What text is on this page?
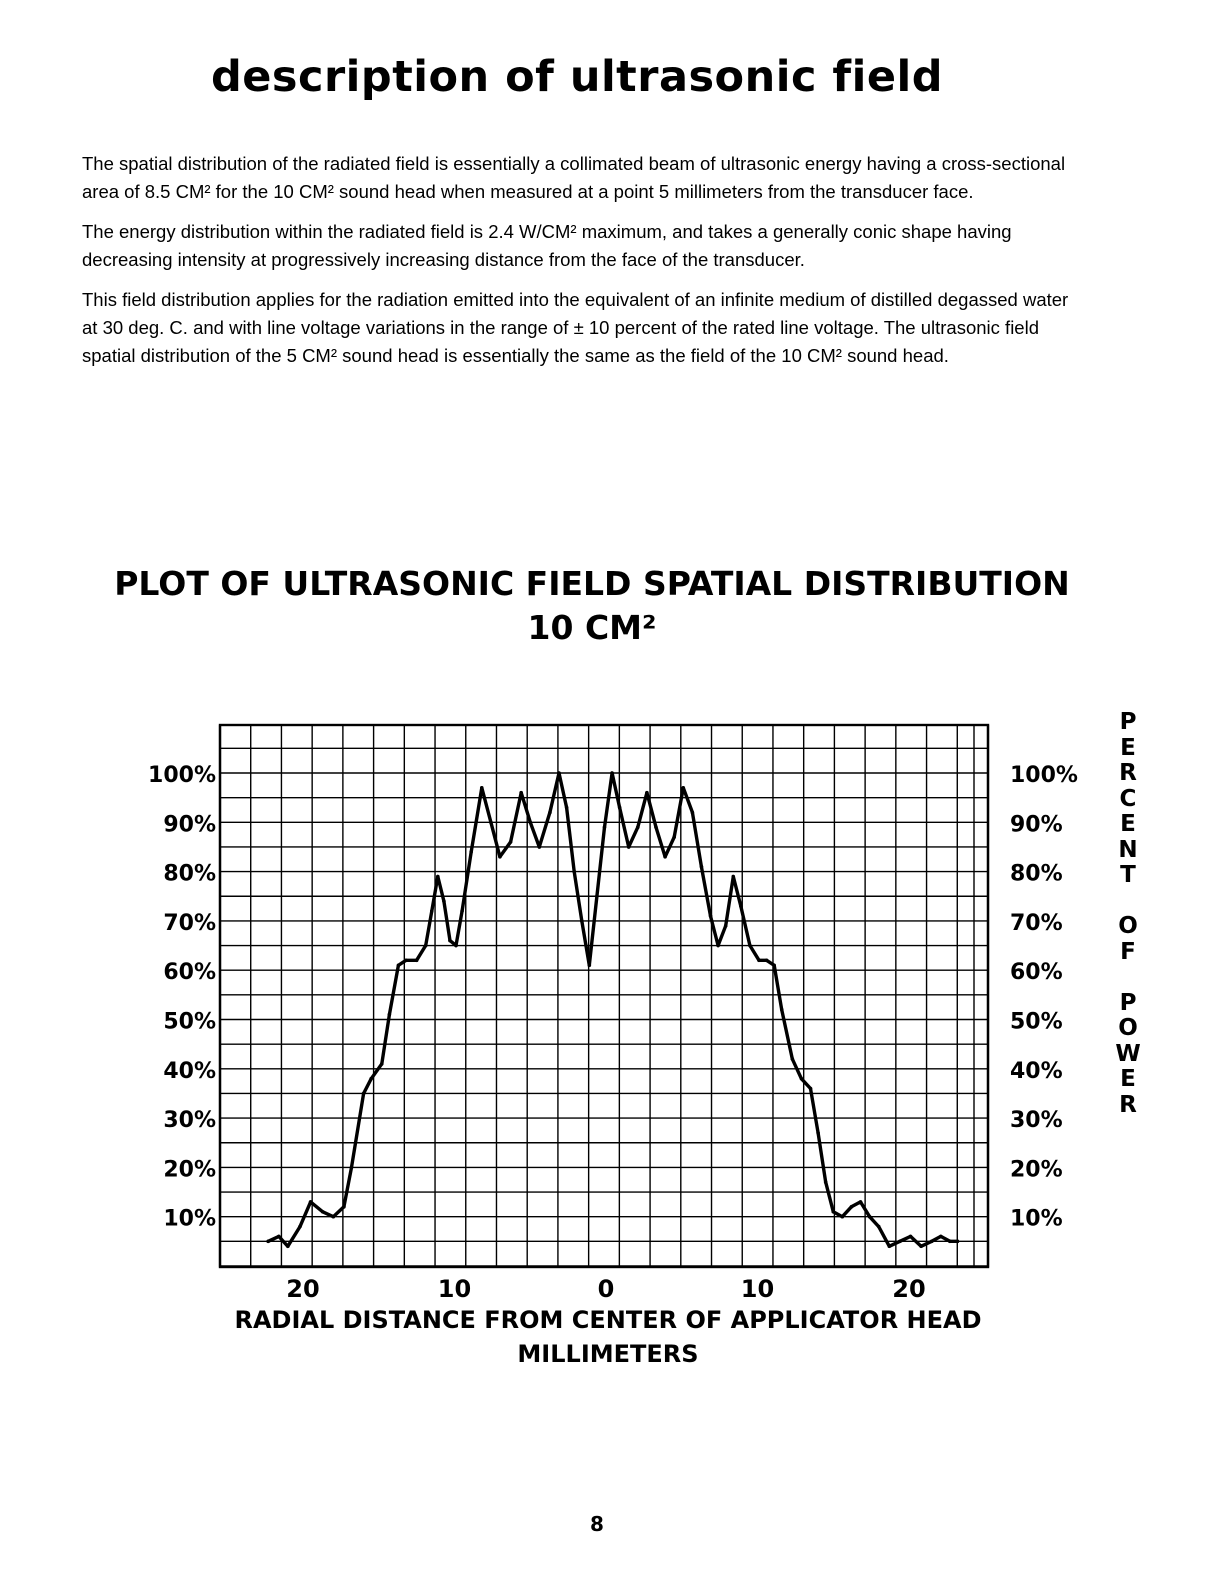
description of ultrasonic field

The spatial distribution of the radiated field is essentially a collimated beam of ultrasonic energy having a cross-sectional area of 8.5 CM² for the 10 CM² sound head when measured at a point 5 millimeters from the transducer face.

The energy distribution within the radiated field is 2.4 W/CM² maximum, and takes a generally conic shape having decreasing intensity at progressively increasing distance from the face of the transducer.

This field distribution applies for the radiation emitted into the equivalent of an infinite medium of distilled degassed water at 30 deg. C. and with line voltage variations in the range of ± 10 percent of the rated line voltage. The ultrasonic field spatial distribution of the 5 CM² sound head is essentially the same as the field of the 10 CM² sound head.

PLOT OF ULTRASONIC FIELD SPATIAL DISTRIBUTION
10 CM²
100%	100%
90%	90%
80%	80%
70%	70%
60%	60%
50%	50%
40%	40%
30%	30%
20%	20%
10%	10%
20	10	0	10	20
RADIAL DISTANCE FROM CENTER OF APPLICATOR HEAD
MILLIMETERS
P
E
R
C
E
N
T

O
F

P
O
W
E
R
8
